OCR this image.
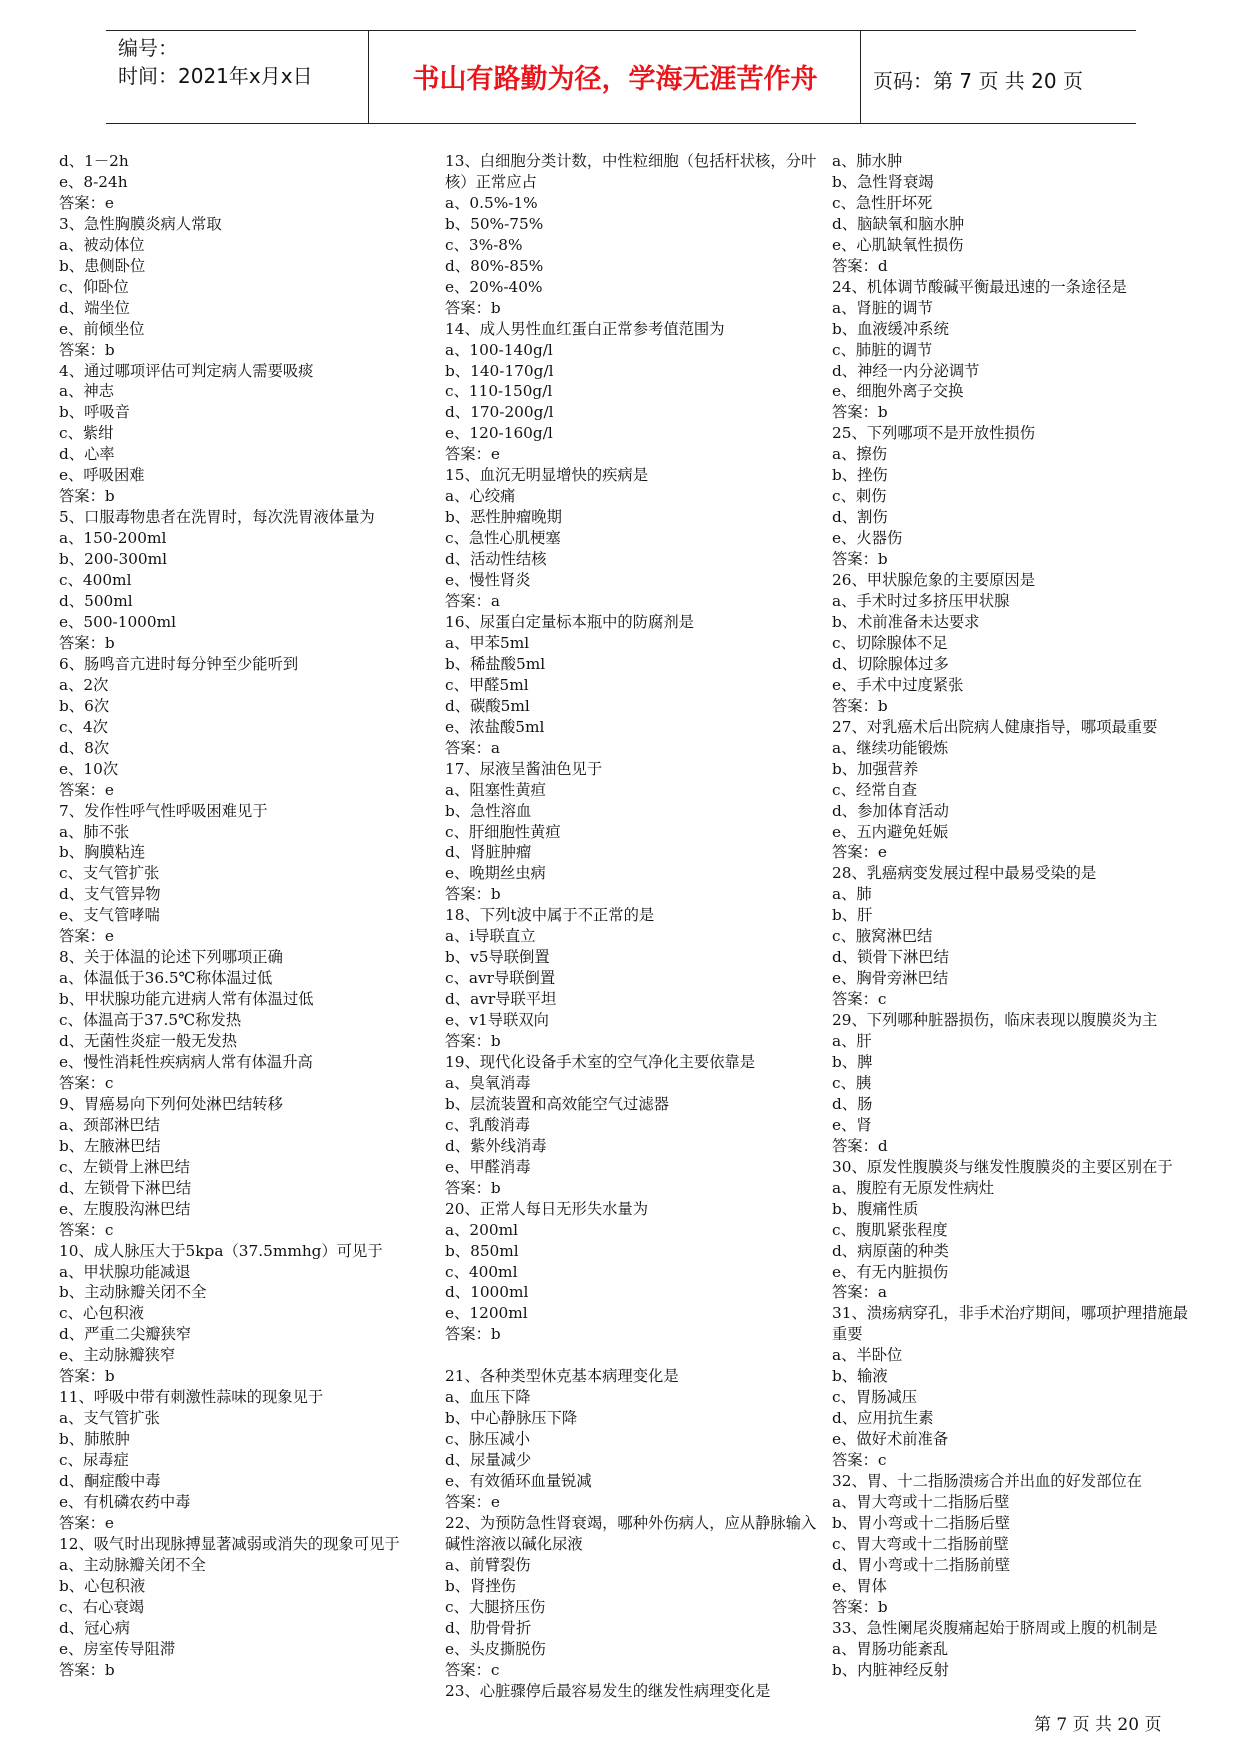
编号：
时间：2021年x月x日	书山有路勤为径，学海无涯苦作舟	页码：第 7 页 共 20 页
d、1－2h
e、8-24h
答案：e
3、急性胸膜炎病人常取
a、被动体位
b、患侧卧位
c、仰卧位
d、端坐位
e、前倾坐位
答案：b
4、通过哪项评估可判定病人需要吸痰
a、神志
b、呼吸音
c、紫绀
d、心率
e、呼吸困难
答案：b
5、口服毒物患者在洗胃时，每次洗胃液体量为
a、150-200ml
b、200-300ml
c、400ml
d、500ml
e、500-1000ml
答案：b
6、肠鸣音亢进时每分钟至少能听到
a、2次
b、6次
c、4次
d、8次
e、10次
答案：e
7、发作性呼气性呼吸困难见于
a、肺不张
b、胸膜粘连
c、支气管扩张
d、支气管异物
e、支气管哮喘
答案：e
8、关于体温的论述下列哪项正确
a、体温低于36.5℃称体温过低
b、甲状腺功能亢进病人常有体温过低
c、体温高于37.5℃称发热
d、无菌性炎症一般无发热
e、慢性消耗性疾病病人常有体温升高
答案：c
9、胃癌易向下列何处淋巴结转移
a、颈部淋巴结
b、左腋淋巴结
c、左锁骨上淋巴结
d、左锁骨下淋巴结
e、左腹股沟淋巴结
答案：c
10、成人脉压大于5kpa（37.5mmhg）可见于
a、甲状腺功能减退
b、主动脉瓣关闭不全
c、心包积液
d、严重二尖瓣狭窄
e、主动脉瓣狭窄
答案：b
11、呼吸中带有刺激性蒜味的现象见于
a、支气管扩张
b、肺脓肿
c、尿毒症
d、酮症酸中毒
e、有机磷农药中毒
答案：e
12、吸气时出现脉搏显著减弱或消失的现象可见于
a、主动脉瓣关闭不全
b、心包积液
c、右心衰竭
d、冠心病
e、房室传导阻滞
答案：b
13、白细胞分类计数，中性粒细胞（包括杆状核，分叶核）正常应占
a、0.5%-1%
b、50%-75%
c、3%-8%
d、80%-85%
e、20%-40%
答案：b
14、成人男性血红蛋白正常参考值范围为
a、100-140g/l
b、140-170g/l
c、110-150g/l
d、170-200g/l
e、120-160g/l
答案：e
15、血沉无明显增快的疾病是
a、心绞痛
b、恶性肿瘤晚期
c、急性心肌梗塞
d、活动性结核
e、慢性肾炎
答案：a
16、尿蛋白定量标本瓶中的防腐剂是
a、甲苯5ml
b、稀盐酸5ml
c、甲醛5ml
d、碳酸5ml
e、浓盐酸5ml
答案：a
17、尿液呈酱油色见于
a、阻塞性黄疸
b、急性溶血
c、肝细胞性黄疸
d、肾脏肿瘤
e、晚期丝虫病
答案：b
18、下列t波中属于不正常的是
a、i导联直立
b、v5导联倒置
c、avr导联倒置
d、avr导联平坦
e、v1导联双向
答案：b
19、现代化设备手术室的空气净化主要依靠是
a、臭氧消毒
b、层流装置和高效能空气过滤器
c、乳酸消毒
d、紫外线消毒
e、甲醛消毒
答案：b
20、正常人每日无形失水量为
a、200ml
b、850ml
c、400ml
d、1000ml
e、1200ml
答案：b
21、各种类型休克基本病理变化是
a、血压下降
b、中心静脉压下降
c、脉压减小
d、尿量减少
e、有效循环血量锐减
答案：e
22、为预防急性肾衰竭，哪种外伤病人，应从静脉输入碱性溶液以碱化尿液
a、前臂裂伤
b、肾挫伤
c、大腿挤压伤
d、肋骨骨折
e、头皮撕脱伤
答案：c
23、心脏骤停后最容易发生的继发性病理变化是
a、肺水肿
b、急性肾衰竭
c、急性肝坏死
d、脑缺氧和脑水肿
e、心肌缺氧性损伤
答案：d
24、机体调节酸碱平衡最迅速的一条途径是
a、肾脏的调节
b、血液缓冲系统
c、肺脏的调节
d、神经一内分泌调节
e、细胞外离子交换
答案：b
25、下列哪项不是开放性损伤
a、擦伤
b、挫伤
c、刺伤
d、割伤
e、火器伤
答案：b
26、甲状腺危象的主要原因是
a、手术时过多挤压甲状腺
b、术前准备未达要求
c、切除腺体不足
d、切除腺体过多
e、手术中过度紧张
答案：b
27、对乳癌术后出院病人健康指导，哪项最重要
a、继续功能锻炼
b、加强营养
c、经常自查
d、参加体育活动
e、五内避免妊娠
答案：e
28、乳癌病变发展过程中最易受染的是
a、肺
b、肝
c、腋窝淋巴结
d、锁骨下淋巴结
e、胸骨旁淋巴结
答案：c
29、下列哪种脏器损伤，临床表现以腹膜炎为主
a、肝
b、脾
c、胰
d、肠
e、肾
答案：d
30、原发性腹膜炎与继发性腹膜炎的主要区别在于
a、腹腔有无原发性病灶
b、腹痛性质
c、腹肌紧张程度
d、病原菌的种类
e、有无内脏损伤
答案：a
31、溃疡病穿孔，非手术治疗期间，哪项护理措施最重要
a、半卧位
b、输液
c、胃肠减压
d、应用抗生素
e、做好术前准备
答案：c
32、胃、十二指肠溃疡合并出血的好发部位在
a、胃大弯或十二指肠后壁
b、胃小弯或十二指肠后壁
c、胃大弯或十二指肠前壁
d、胃小弯或十二指肠前壁
e、胃体
答案：b
33、急性阑尾炎腹痛起始于脐周或上腹的机制是
a、胃肠功能紊乱
b、内脏神经反射
第 7 页 共 20 页
